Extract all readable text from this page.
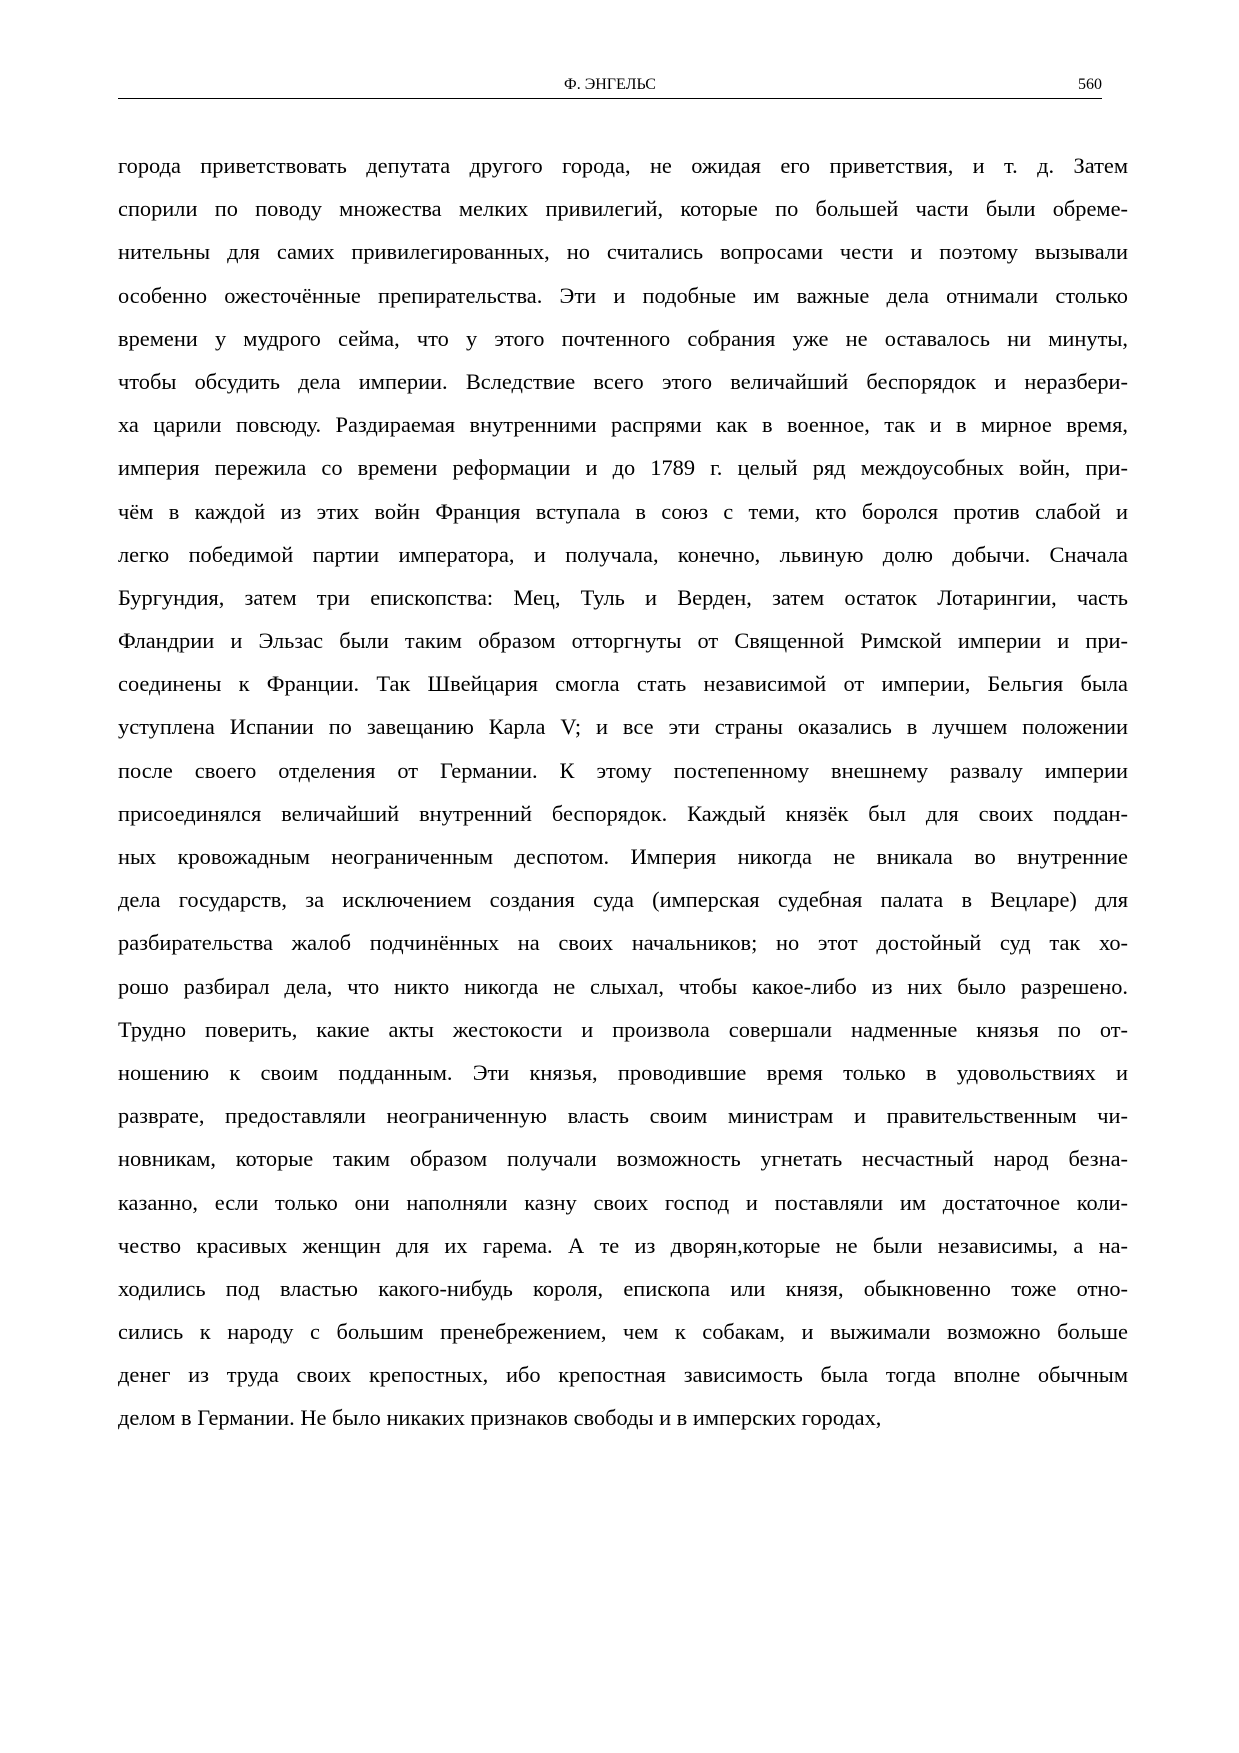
Ф. ЭНГЕЛЬС	560
города приветствовать депутата другого города, не ожидая его приветствия, и т. д. Затем
спорили по поводу множества мелких привилегий, которые по большей части были обреме-
нительны для самих привилегированных, но считались вопросами чести и поэтому вызывали
особенно ожесточённые препирательства. Эти и подобные им важные дела отнимали столько
времени у мудрого сейма, что у этого почтенного собрания уже не оставалось ни минуты,
чтобы обсудить дела империи. Вследствие всего этого величайший беспорядок и неразбери-
ха царили повсюду. Раздираемая внутренними распрями как в военное, так и в мирное время,
империя пережила со времени реформации и до 1789 г. целый ряд междоусобных войн, при-
чём в каждой из этих войн Франция вступала в союз с теми, кто боролся против слабой и
легко победимой партии императора, и получала, конечно, львиную долю добычи. Сначала
Бургундия, затем три епископства: Мец, Туль и Верден, затем остаток Лотарингии, часть
Фландрии и Эльзас были таким образом отторгнуты от Священной Римской империи и при-
соединены к Франции. Так Швейцария смогла стать независимой от империи, Бельгия была
уступлена Испании по завещанию Карла V; и все эти страны оказались в лучшем положении
после своего отделения от Германии. К этому постепенному внешнему развалу империи
присоединялся величайший внутренний беспорядок. Каждый князёк был для своих поддан-
ных кровожадным неограниченным деспотом. Империя никогда не вникала во внутренние
дела государств, за исключением создания суда (имперская судебная палата в Вецларе) для
разбирательства жалоб подчинённых на своих начальников; но этот достойный суд так хо-
рошо разбирал дела, что никто никогда не слыхал, чтобы какое-либо из них было разрешено.
Трудно поверить, какие акты жестокости и произвола совершали надменные князья по от-
ношению к своим подданным. Эти князья, проводившие время только в удовольствиях и
разврате, предоставляли неограниченную власть своим министрам и правительственным чи-
новникам, которые таким образом получали возможность угнетать несчастный народ безна-
казанно, если только они наполняли казну своих господ и поставляли им достаточное коли-
чество красивых женщин для их гарема. А те из дворян,которые не были независимы, а на-
ходились под властью какого-нибудь короля, епископа или князя, обыкновенно тоже отно-
сились к народу с большим пренебрежением, чем к собакам, и выжимали возможно больше
денег из труда своих крепостных, ибо крепостная зависимость была тогда вполне обычным
делом в Германии. Не было никаких признаков свободы и в имперских городах,
